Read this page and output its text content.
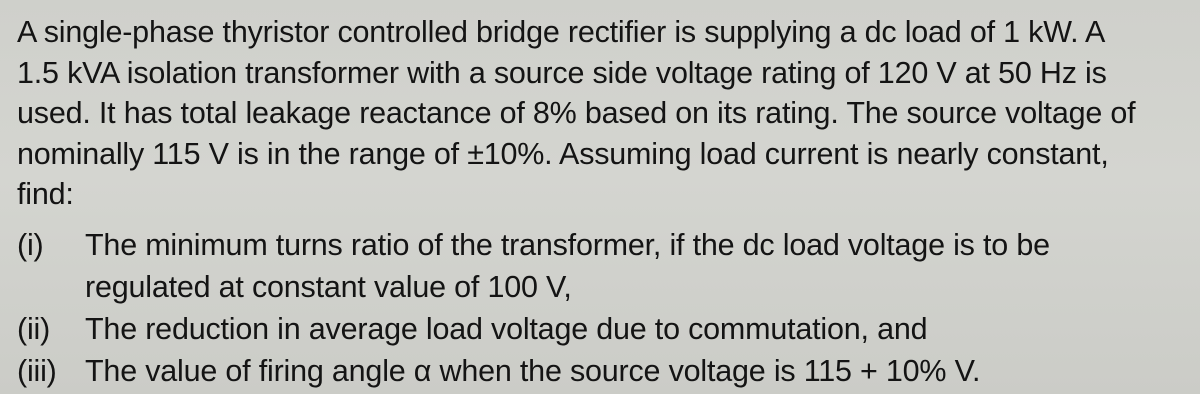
A single-phase thyristor controlled bridge rectifier is supplying a dc load of 1 kW. A
1.5 kVA isolation transformer with a source side voltage rating of 120 V at 50 Hz is
used. It has total leakage reactance of 8% based on its rating. The source voltage of
nominally 115 V is in the range of ±10%. Assuming load current is nearly constant,
find:
(i) The minimum turns ratio of the transformer, if the dc load voltage is to be
regulated at constant value of 100 V,
(ii) The reduction in average load voltage due to commutation, and
(iii) The value of firing angle α when the source voltage is 115 + 10% V.
